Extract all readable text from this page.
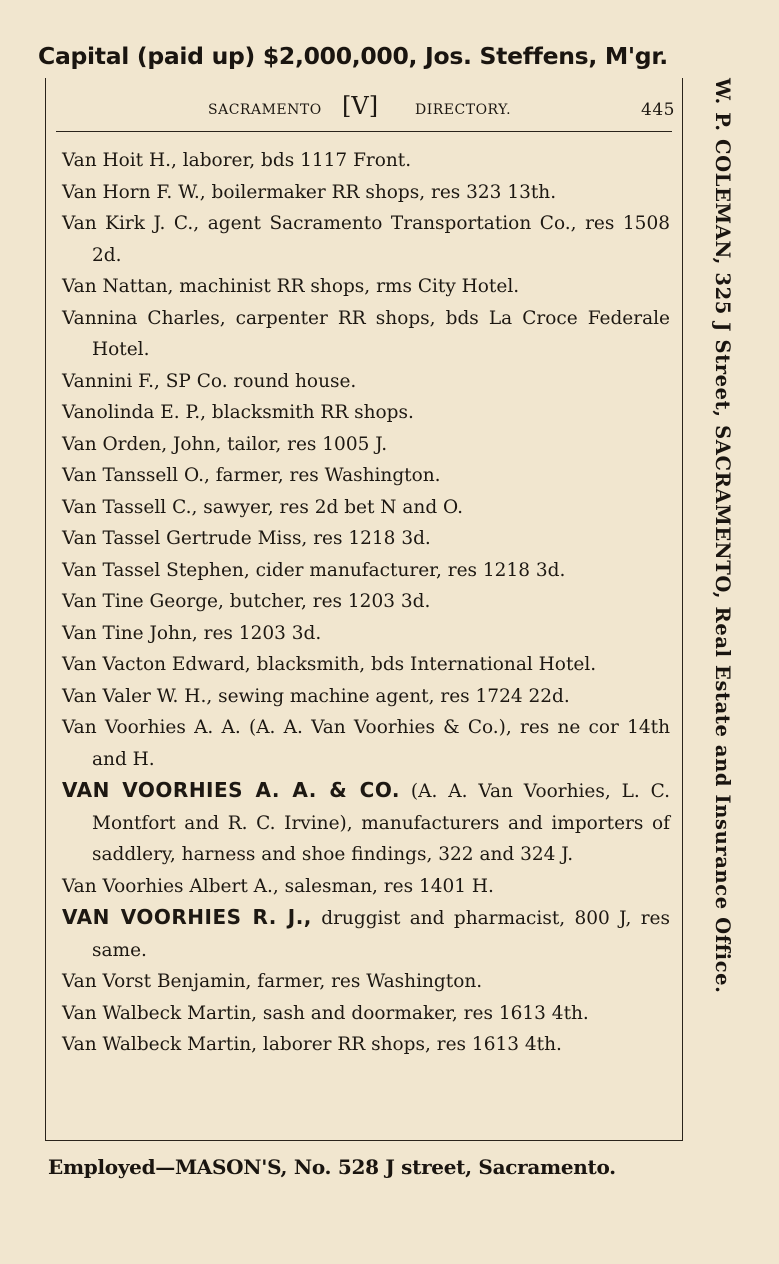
Capital (paid up) $2,000,000, Jos. Steffens, M'gr.
SACRAMENTO [V]	DIRECTORY.	445
Van Hoit H., laborer, bds 1117 Front.
Van Horn F. W., boilermaker RR shops, res 323 13th.
Van Kirk J. C., agent Sacramento Transportation Co., res 1508 2d.
Van Nattan, machinist RR shops, rms City Hotel.
Vannina Charles, carpenter RR shops, bds La Croce Federale Hotel.
Vannini F., SP Co. round house.
Vanolinda E. P., blacksmith RR shops.
Van Orden, John, tailor, res 1005 J.
Van Tanssell O., farmer, res Washington.
Van Tassell C., sawyer, res 2d bet N and O.
Van Tassel Gertrude Miss, res 1218 3d.
Van Tassel Stephen, cider manufacturer, res 1218 3d.
Van Tine George, butcher, res 1203 3d.
Van Tine John, res 1203 3d.
Van Vacton Edward, blacksmith, bds International Hotel.
Van Valer W. H., sewing machine agent, res 1724 22d.
Van Voorhies A. A. (A. A. Van Voorhies & Co.), res ne cor 14th and H.
VAN VOORHIES A. A. & CO. (A. A. Van Voorhies, L. C. Montfort and R. C. Irvine), manufacturers and importers of saddlery, harness and shoe findings, 322 and 324 J.
Van Voorhies Albert A., salesman, res 1401 H.
VAN VOORHIES R. J., druggist and pharmacist, 800 J, res same.
Van Vorst Benjamin, farmer, res Washington.
Van Walbeck Martin, sash and doormaker, res 1613 4th.
Van Walbeck Martin, laborer RR shops, res 1613 4th.
W. P. COLEMAN, 325 J Street, SACRAMENTO, Real Estate and Insurance Office.
Employed—MASON'S, No. 528 J street, Sacramento.
